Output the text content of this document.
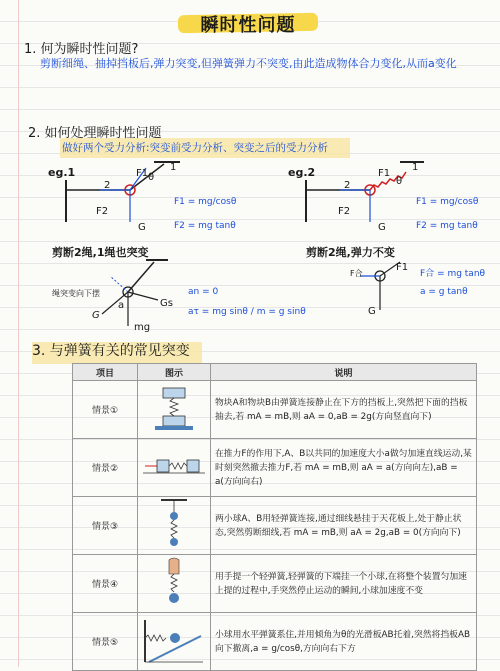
瞬时性问题
1. 何为瞬时性问题?
剪断细绳、抽掉挡板后,弹力突变,但弹簧弹力不突变,由此造成物体合力变化,从而a变化
2. 如何处理瞬时性问题
做好两个受力分析:突变前受力分析、突变之后的受力分析
eg.1
2
F1
1
θ
F2
G
F1 = mg/cosθ
F2 = mg tanθ
剪断2绳,1绳也突变
绳突变向下摆
G
mg
a	Gs
an = 0
aτ = mg sinθ / m = g sinθ
eg.2
2
F1
1
θ
F2
G
F1 = mg/cosθ
F2 = mg tanθ
剪断2绳,弹力不变
F合
F1
G
F合 = mg tanθ
a = g tanθ
3. 与弹簧有关的常见突变
项目	图示	说明
情景①		物块A和物块B由弹簧连接静止在下方的挡板上,突然把下面的挡板抽去,若 mA = mB,则 aA = 0,aB = 2g(方向竖直向下)
情景②		在推力F的作用下,A、B以共同的加速度大小a做匀加速直线运动,某时刻突然撤去推力F,若 mA = mB,则 aA = a(方向向左),aB = a(方向向右)
情景③		两小球A、B用轻弹簧连接,通过细线悬挂于天花板上,处于静止状态,突然剪断细线,若 mA = mB,则 aA = 2g,aB = 0(方向向下)
情景④		用手提一个轻弹簧,轻弹簧的下端挂一个小球,在将整个装置匀加速上提的过程中,手突然停止运动的瞬间,小球加速度不变
情景⑤		小球用水平弹簧系住,并用倾角为θ的光滑板AB托着,突然将挡板AB向下撤离,a = g/cosθ,方向向右下方
